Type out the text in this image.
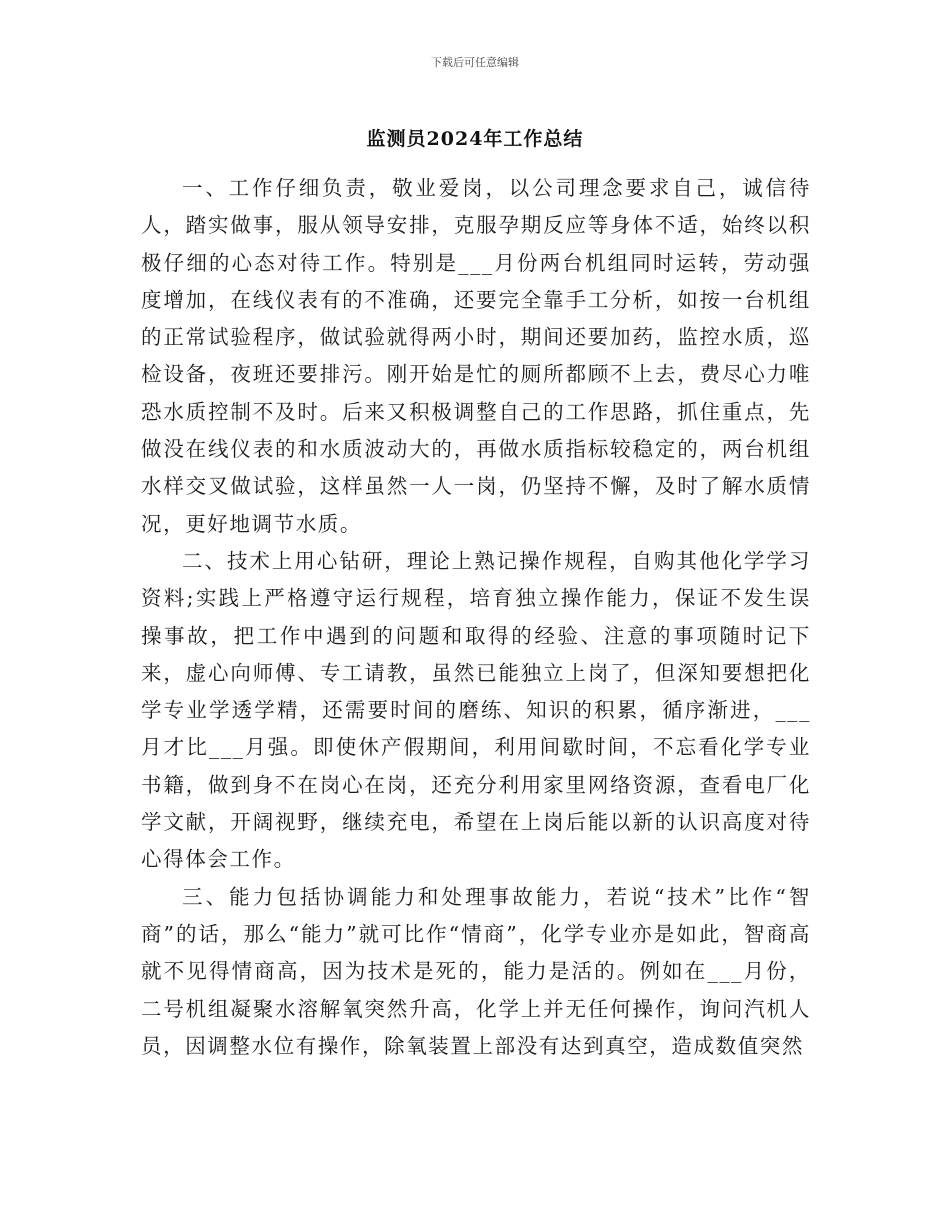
下载后可任意编辑
监测员2024年工作总结

一、工作仔细负责，敬业爱岗，以公司理念要求自己，诚信待人，踏实做事，服从领导安排，克服孕期反应等身体不适，始终以积极仔细的心态对待工作。特别是___月份两台机组同时运转，劳动强度增加，在线仪表有的不准确，还要完全靠手工分析，如按一台机组的正常试验程序，做试验就得两小时，期间还要加药，监控水质，巡检设备，夜班还要排污。刚开始是忙的厕所都顾不上去，费尽心力唯恐水质控制不及时。后来又积极调整自己的工作思路，抓住重点，先做没在线仪表的和水质波动大的，再做水质指标较稳定的，两台机组水样交叉做试验，这样虽然一人一岗，仍坚持不懈，及时了解水质情况，更好地调节水质。

二、技术上用心钻研，理论上熟记操作规程，自购其他化学学习资料;实践上严格遵守运行规程，培育独立操作能力，保证不发生误操事故，把工作中遇到的问题和取得的经验、注意的事项随时记下来，虚心向师傅、专工请教，虽然已能独立上岗了，但深知要想把化学专业学透学精，还需要时间的磨练、知识的积累，循序渐进，___月才比___月强。即使休产假期间，利用间歇时间，不忘看化学专业书籍，做到身不在岗心在岗，还充分利用家里网络资源，查看电厂化学文献，开阔视野，继续充电，希望在上岗后能以新的认识高度对待心得体会工作。

三、能力包括协调能力和处理事故能力，若说“技术”比作“智商”的话，那么“能力”就可比作“情商”，化学专业亦是如此，智商高就不见得情商高，因为技术是死的，能力是活的。例如在___月份，二号机组凝聚水溶解氧突然升高，化学上并无任何操作，询问汽机人员，因调整水位有操作，除氧装置上部没有达到真空，造成数值突然
